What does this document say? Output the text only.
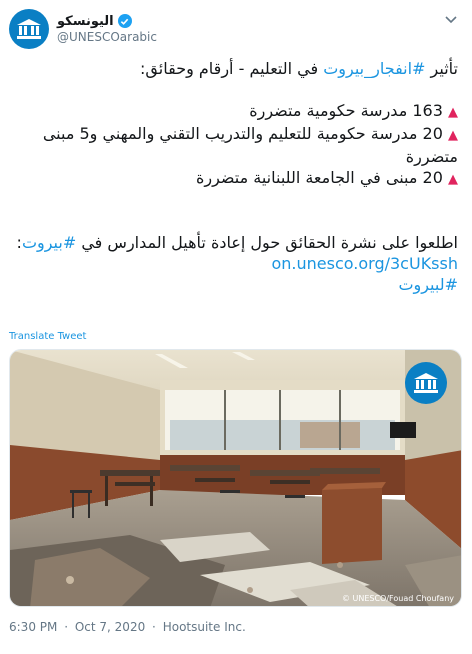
اليونسكو
@UNESCOarabic

تأثير #انفجار_بيروت في التعليم - أرقام وحقائق:

▲ 163 مدرسة حكومية متضررة

▲ 20 مدرسة حكومية للتعليم والتدريب التقني والمهني و5 مبنى متضررة

▲ 20 مبنى في الجامعة اللبنانية متضررة

اطلعوا على نشرة الحقائق حول إعادة تأهيل المدارس في #بيروت: on.unesco.org/3cUKssh

#لبيروت

Translate Tweet
© UNESCO/Fouad Choufany
6:30 PM · Oct 7, 2020 · Hootsuite Inc.
